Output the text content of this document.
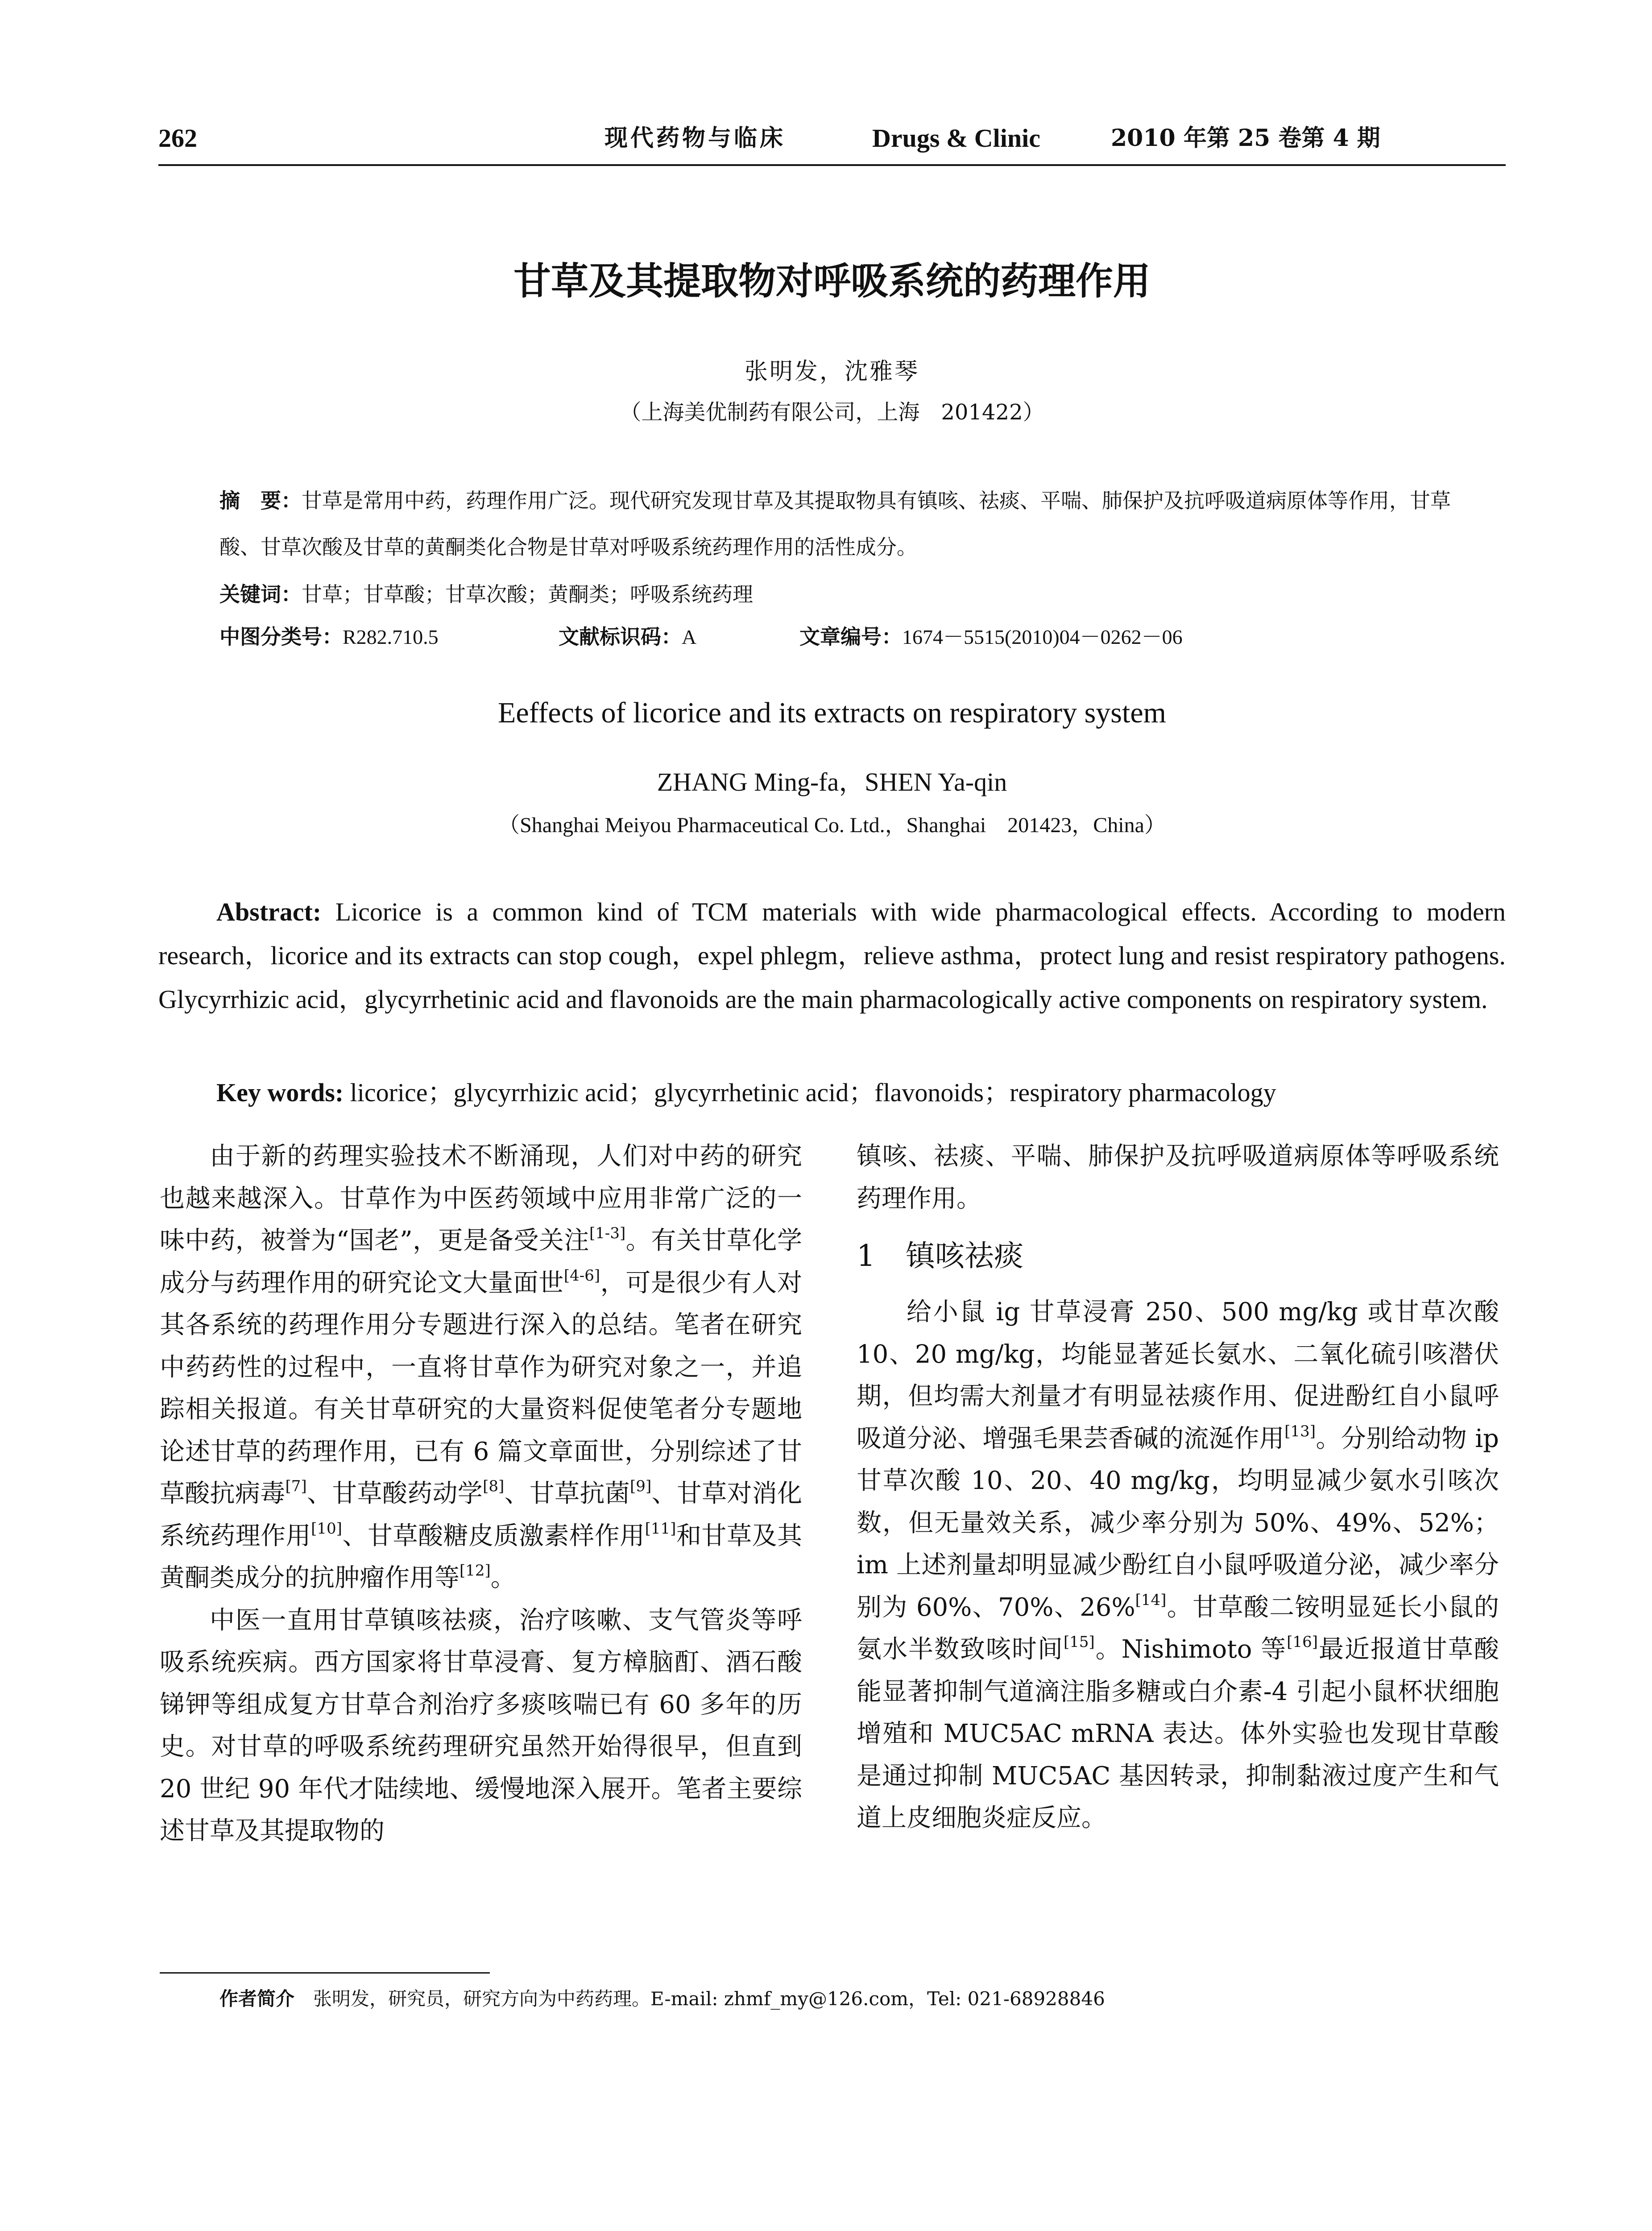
262	现代药物与临床	Drugs & Clinic	2010 年第 25 卷第 4 期
甘草及其提取物对呼吸系统的药理作用
张明发，沈雅琴
（上海美优制药有限公司，上海　201422）
摘　要：甘草是常用中药，药理作用广泛。现代研究发现甘草及其提取物具有镇咳、祛痰、平喘、肺保护及抗呼吸道病原体等作用，甘草酸、甘草次酸及甘草的黄酮类化合物是甘草对呼吸系统药理作用的活性成分。
关键词：甘草；甘草酸；甘草次酸；黄酮类；呼吸系统药理
中图分类号：R282.710.5	文献标识码：A	文章编号：1674－5515(2010)04－0262－06
Eeffects of licorice and its extracts on respiratory system
ZHANG Ming-fa，SHEN Ya-qin
（Shanghai Meiyou Pharmaceutical Co. Ltd.，Shanghai　201423，China）
Abstract: Licorice is a common kind of TCM materials with wide pharmacological effects. According to modern research，licorice and its extracts can stop cough，expel phlegm，relieve asthma，protect lung and resist respiratory pathogens. Glycyrrhizic acid，glycyrrhetinic acid and flavonoids are the main pharmacologically active components on respiratory system.
Key words: licorice；glycyrrhizic acid；glycyrrhetinic acid；flavonoids；respiratory pharmacology

由于新的药理实验技术不断涌现，人们对中药的研究也越来越深入。甘草作为中医药领域中应用非常广泛的一味中药，被誉为“国老”，更是备受关注[1-3]。有关甘草化学成分与药理作用的研究论文大量面世[4-6]，可是很少有人对其各系统的药理作用分专题进行深入的总结。笔者在研究中药药性的过程中，一直将甘草作为研究对象之一，并追踪相关报道。有关甘草研究的大量资料促使笔者分专题地论述甘草的药理作用，已有 6 篇文章面世，分别综述了甘草酸抗病毒[7]、甘草酸药动学[8]、甘草抗菌[9]、甘草对消化系统药理作用[10]、甘草酸糖皮质激素样作用[11]和甘草及其黄酮类成分的抗肿瘤作用等[12]。

中医一直用甘草镇咳祛痰，治疗咳嗽、支气管炎等呼吸系统疾病。西方国家将甘草浸膏、复方樟脑酊、酒石酸锑钾等组成复方甘草合剂治疗多痰咳喘已有 60 多年的历史。对甘草的呼吸系统药理研究虽然开始得很早，但直到 20 世纪 90 年代才陆续地、缓慢地深入展开。笔者主要综述甘草及其提取物的

镇咳、祛痰、平喘、肺保护及抗呼吸道病原体等呼吸系统药理作用。

1 镇咳祛痰

给小鼠 ig 甘草浸膏 250、500 mg/kg 或甘草次酸 10、20 mg/kg，均能显著延长氨水、二氧化硫引咳潜伏期，但均需大剂量才有明显祛痰作用、促进酚红自小鼠呼吸道分泌、增强毛果芸香碱的流涎作用[13]。分别给动物 ip 甘草次酸 10、20、40 mg/kg，均明显减少氨水引咳次数，但无量效关系，减少率分别为 50%、49%、52%；im 上述剂量却明显减少酚红自小鼠呼吸道分泌，减少率分别为 60%、70%、26%[14]。甘草酸二铵明显延长小鼠的氨水半数致咳时间[15]。Nishimoto 等[16]最近报道甘草酸能显著抑制气道滴注脂多糖或白介素-4 引起小鼠杯状细胞增殖和 MUC5AC mRNA 表达。体外实验也发现甘草酸是通过抑制 MUC5AC 基因转录，抑制黏液过度产生和气道上皮细胞炎症反应。

作者简介　张明发，研究员，研究方向为中药药理。E-mail: zhmf_my@126.com，Tel: 021-68928846
